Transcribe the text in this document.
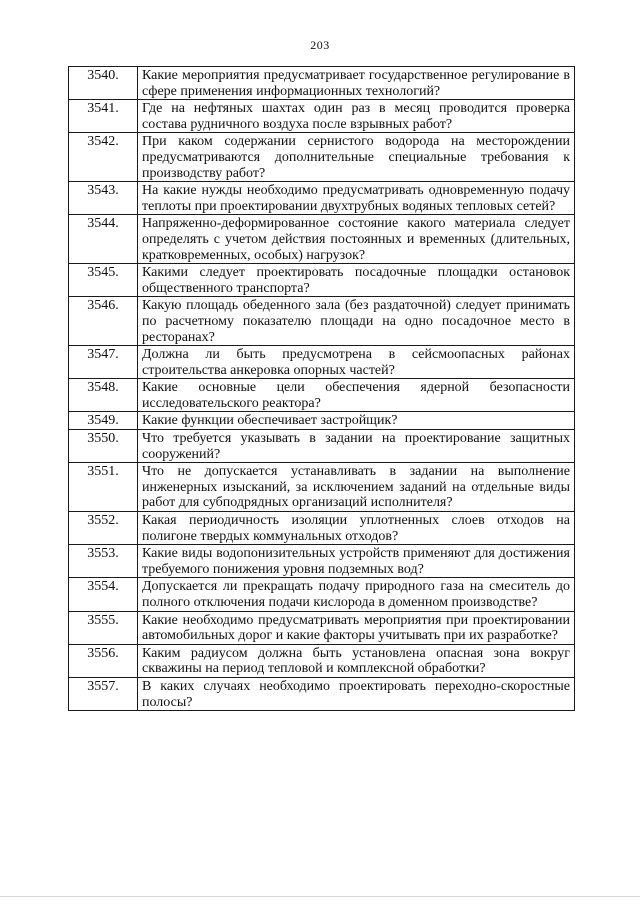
203
3540.	Какие мероприятия предусматривает государственное регулирование в сфере применения информационных технологий?
3541.	Где на нефтяных шахтах один раз в месяц проводится проверка состава рудничного воздуха после взрывных работ?
3542.	При каком содержании сернистого водорода на месторождении предусматриваются дополнительные специальные требования к производству работ?
3543.	На какие нужды необходимо предусматривать одновременную подачу теплоты при проектировании двухтрубных водяных тепловых сетей?
3544.	Напряженно-деформированное состояние какого материала следует определять с учетом действия постоянных и временных (длительных, кратковременных, особых) нагрузок?
3545.	Какими следует проектировать посадочные площадки остановок общественного транспорта?
3546.	Какую площадь обеденного зала (без раздаточной) следует принимать по расчетному показателю площади на одно посадочное место в ресторанах?
3547.	Должна ли быть предусмотрена в сейсмоопасных районах строительства анкеровка опорных частей?
3548.	Какие основные цели обеспечения ядерной безопасности исследовательского реактора?
3549.	Какие функции обеспечивает застройщик?
3550.	Что требуется указывать в задании на проектирование защитных сооружений?
3551.	Что не допускается устанавливать в задании на выполнение инженерных изысканий, за исключением заданий на отдельные виды работ для субподрядных организаций исполнителя?
3552.	Какая периодичность изоляции уплотненных слоев отходов на полигоне твердых коммунальных отходов?
3553.	Какие виды водопонизительных устройств применяют для достижения требуемого понижения уровня подземных вод?
3554.	Допускается ли прекращать подачу природного газа на смеситель до полного отключения подачи кислорода в доменном производстве?
3555.	Какие необходимо предусматривать мероприятия при проектировании автомобильных дорог и какие факторы учитывать при их разработке?
3556.	Каким радиусом должна быть установлена опасная зона вокруг скважины на период тепловой и комплексной обработки?
3557.	В каких случаях необходимо проектировать переходно-скоростные полосы?
